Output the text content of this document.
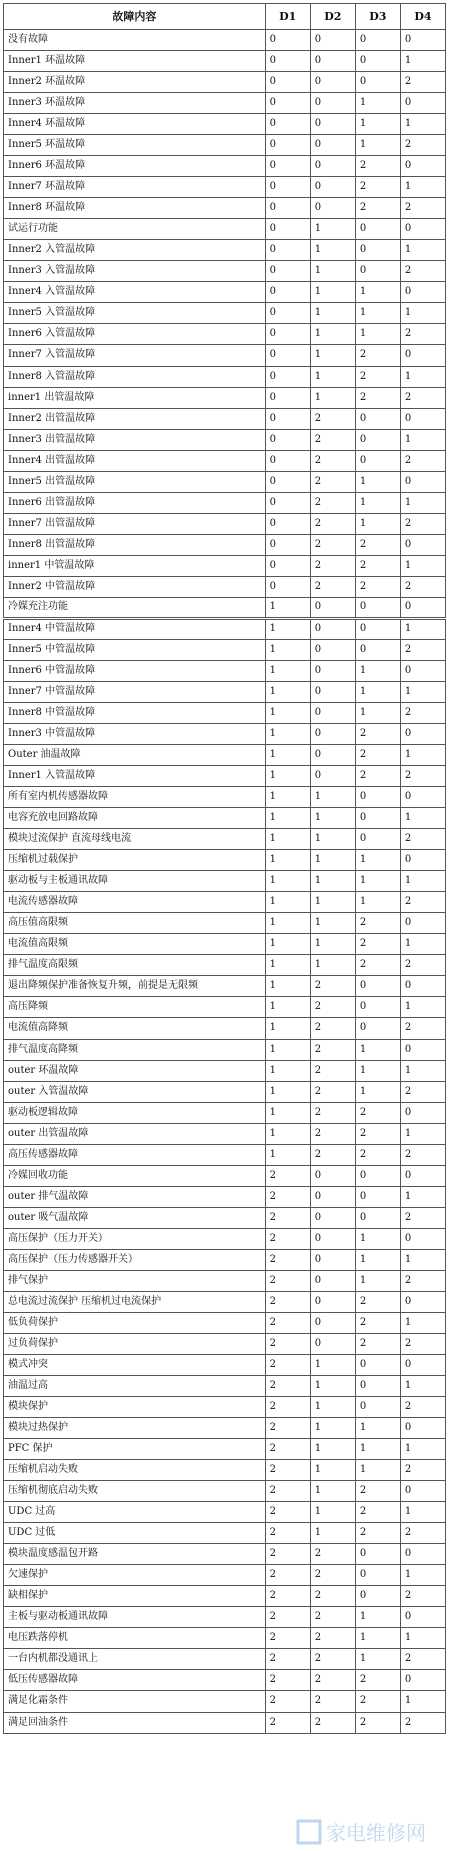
故障内容	D1	D2	D3	D4
没有故障	0	0	0	0
Inner1 环温故障	0	0	0	1
Inner2 环温故障	0	0	0	2
Inner3 环温故障	0	0	1	0
Inner4 环温故障	0	0	1	1
Inner5 环温故障	0	0	1	2
Inner6 环温故障	0	0	2	0
Inner7 环温故障	0	0	2	1
Inner8 环温故障	0	0	2	2
试运行功能	0	1	0	0
Inner2 入管温故障	0	1	0	1
Inner3 入管温故障	0	1	0	2
Inner4 入管温故障	0	1	1	0
Inner5 入管温故障	0	1	1	1
Inner6 入管温故障	0	1	1	2
Inner7 入管温故障	0	1	2	0
Inner8 入管温故障	0	1	2	1
inner1 出管温故障	0	1	2	2
Inner2 出管温故障	0	2	0	0
Inner3 出管温故障	0	2	0	1
Inner4 出管温故障	0	2	0	2
Inner5 出管温故障	0	2	1	0
Inner6 出管温故障	0	2	1	1
Inner7 出管温故障	0	2	1	2
Inner8 出管温故障	0	2	2	0
inner1 中管温故障	0	2	2	1
Inner2 中管温故障	0	2	2	2
冷媒充注功能	1	0	0	0
Inner4 中管温故障	1	0	0	1
Inner5 中管温故障	1	0	0	2
Inner6 中管温故障	1	0	1	0
Inner7 中管温故障	1	0	1	1
Inner8 中管温故障	1	0	1	2
Inner3 中管温故障	1	0	2	0
Outer 油温故障	1	0	2	1
Inner1 入管温故障	1	0	2	2
所有室内机传感器故障	1	1	0	0
电容充放电回路故障	1	1	0	1
模块过流保护 直流母线电流	1	1	0	2
压缩机过载保护	1	1	1	0
驱动板与主板通讯故障	1	1	1	1
电流传感器故障	1	1	1	2
高压值高限频	1	1	2	0
电流值高限频	1	1	2	1
排气温度高限频	1	1	2	2
退出降频保护准备恢复升频，前提是无限频	1	2	0	0
高压降频	1	2	0	1
电流值高降频	1	2	0	2
排气温度高降频	1	2	1	0
outer 环温故障	1	2	1	1
outer 入管温故障	1	2	1	2
驱动板逻辑故障	1	2	2	0
outer 出管温故障	1	2	2	1
高压传感器故障	1	2	2	2
冷媒回收功能	2	0	0	0
outer 排气温故障	2	0	0	1
outer 吸气温故障	2	0	0	2
高压保护（压力开关）	2	0	1	0
高压保护（压力传感器开关）	2	0	1	1
排气保护	2	0	1	2
总电流过流保护 压缩机过电流保护	2	0	2	0
低负荷保护	2	0	2	1
过负荷保护	2	0	2	2
模式冲突	2	1	0	0
油温过高	2	1	0	1
模块保护	2	1	0	2
模块过热保护	2	1	1	0
PFC 保护	2	1	1	1
压缩机启动失败	2	1	1	2
压缩机彻底启动失败	2	1	2	0
UDC 过高	2	1	2	1
UDC 过低	2	1	2	2
模块温度感温包开路	2	2	0	0
欠速保护	2	2	0	1
缺相保护	2	2	0	2
主板与驱动板通讯故障	2	2	1	0
电压跌落停机	2	2	1	1
一台内机都没通讯上	2	2	1	2
低压传感器故障	2	2	2	0
满足化霜条件	2	2	2	1
满足回油条件	2	2	2	2
家电维修网
